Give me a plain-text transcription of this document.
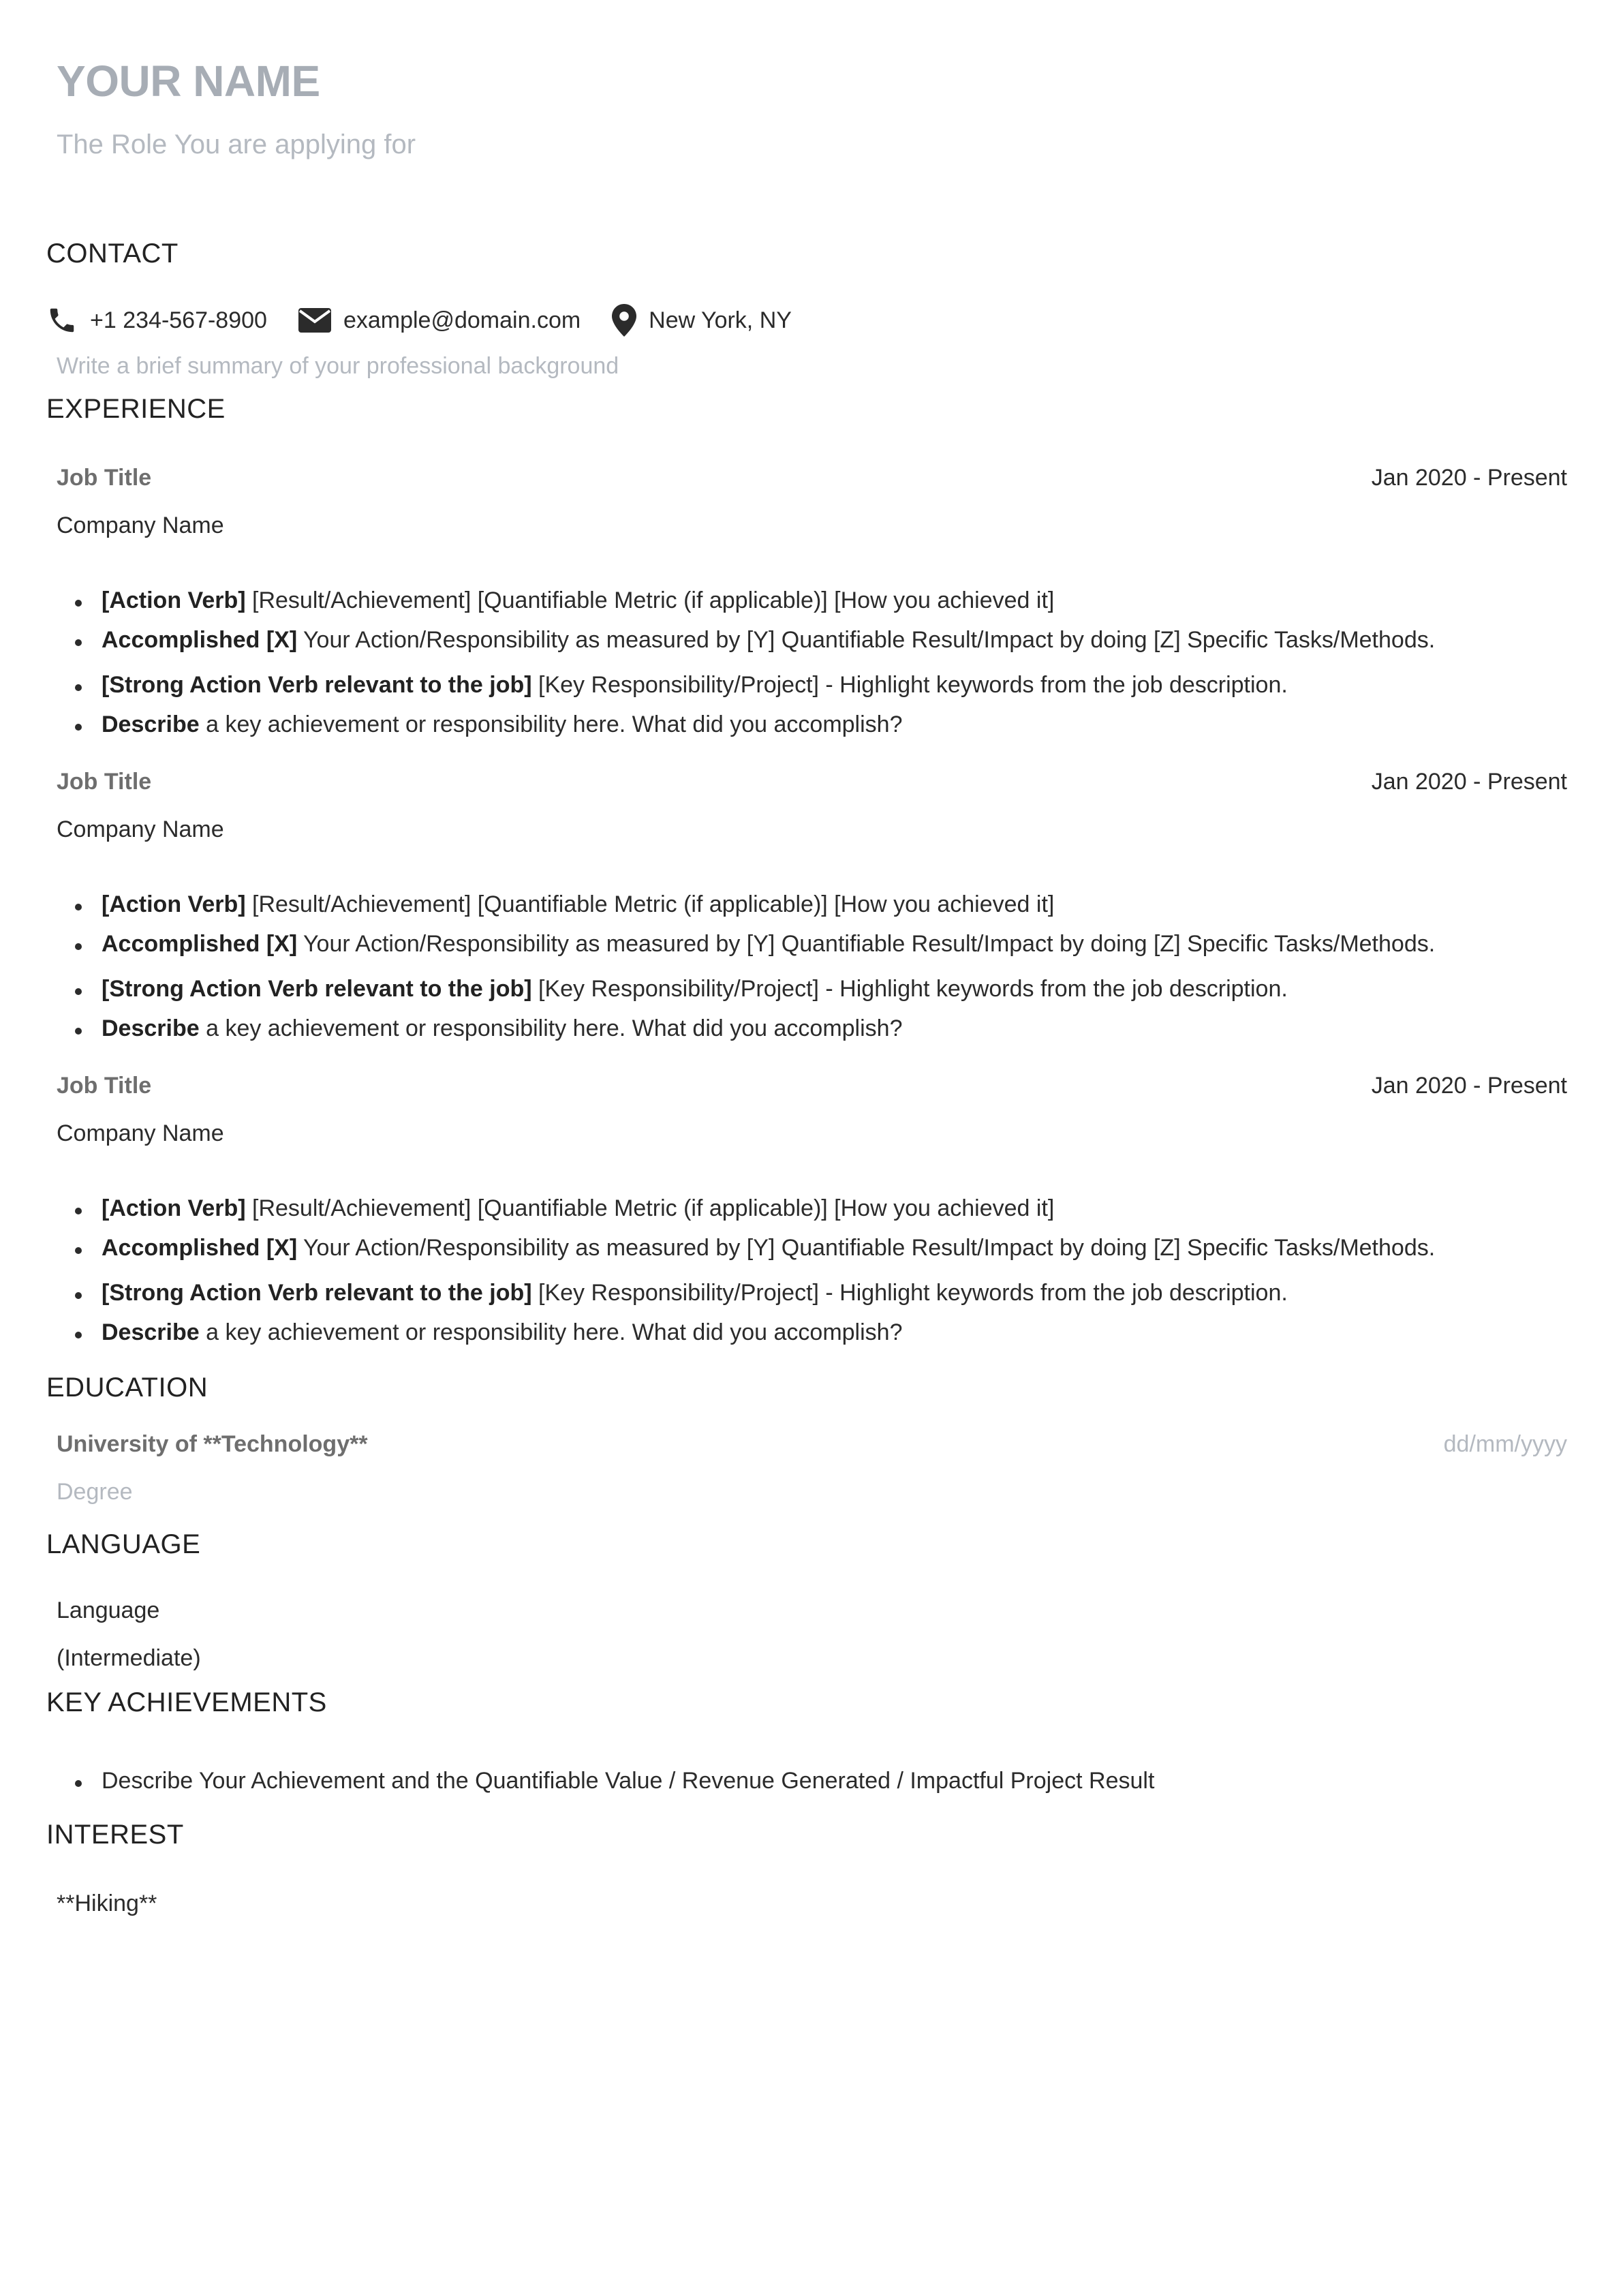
YOUR NAME
The Role You are applying for
CONTACT
+1 234-567-8900	example@domain.com	New York, NY
Write a brief summary of your professional background
EXPERIENCE
Job Title	Jan 2020 - Present
Company Name
[Action Verb] [Result/Achievement] [Quantifiable Metric (if applicable)] [How you achieved it]
Accomplished [X] Your Action/Responsibility as measured by [Y] Quantifiable Result/Impact by doing [Z] Specific Tasks/Methods.
[Strong Action Verb relevant to the job] [Key Responsibility/Project] - Highlight keywords from the job description.
Describe a key achievement or responsibility here. What did you accomplish?
Job Title	Jan 2020 - Present
Company Name
[Action Verb] [Result/Achievement] [Quantifiable Metric (if applicable)] [How you achieved it]
Accomplished [X] Your Action/Responsibility as measured by [Y] Quantifiable Result/Impact by doing [Z] Specific Tasks/Methods.
[Strong Action Verb relevant to the job] [Key Responsibility/Project] - Highlight keywords from the job description.
Describe a key achievement or responsibility here. What did you accomplish?
Job Title	Jan 2020 - Present
Company Name
[Action Verb] [Result/Achievement] [Quantifiable Metric (if applicable)] [How you achieved it]
Accomplished [X] Your Action/Responsibility as measured by [Y] Quantifiable Result/Impact by doing [Z] Specific Tasks/Methods.
[Strong Action Verb relevant to the job] [Key Responsibility/Project] - Highlight keywords from the job description.
Describe a key achievement or responsibility here. What did you accomplish?
EDUCATION
University of **Technology**	dd/mm/yyyy
Degree
LANGUAGE
Language
(Intermediate)
KEY ACHIEVEMENTS
Describe Your Achievement and the Quantifiable Value / Revenue Generated / Impactful Project Result
INTEREST
**Hiking**
